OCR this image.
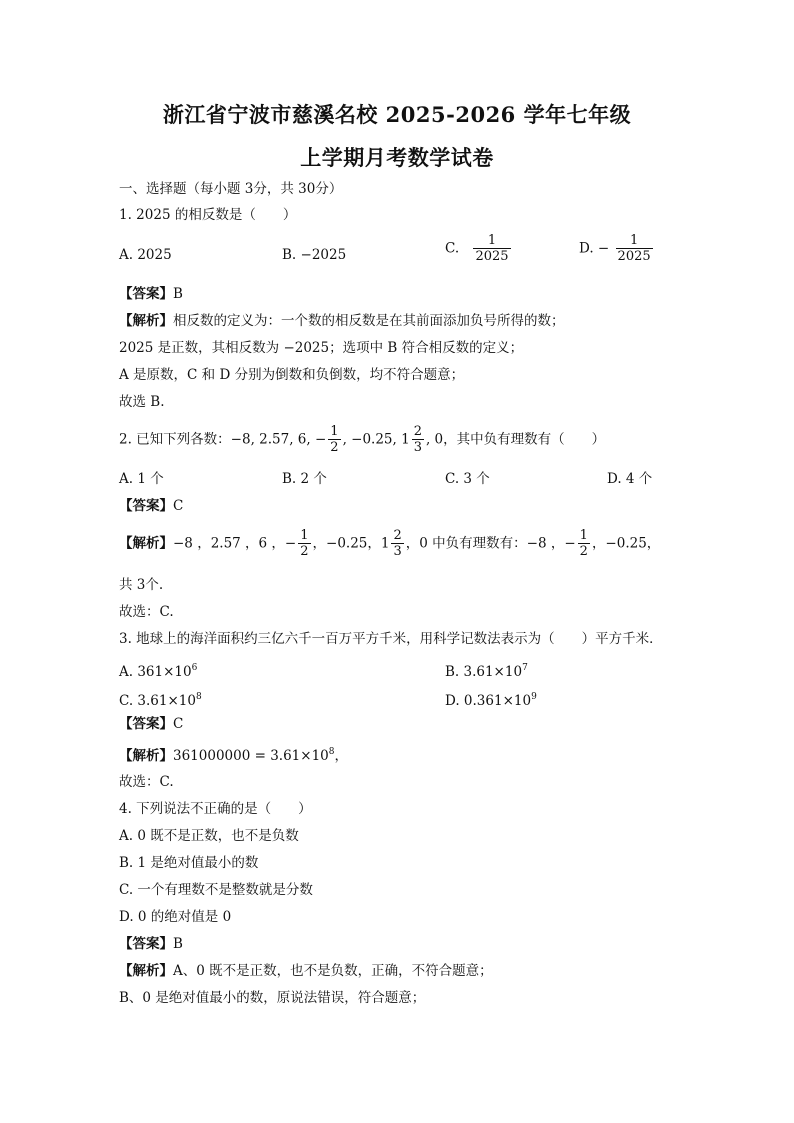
浙江省宁波市慈溪名校 2025-2026 学年七年级
上学期月考数学试卷
一、选择题（每小题 3分，共 30分）
1. 2025 的相反数是（　　）
A. 2025	B. −2025	C. $\frac{1}{2025}$	D. − $\frac{1}{2025}$
【答案】B
【解析】相反数的定义为：一个数的相反数是在其前面添加负号所得的数；
2025 是正数，其相反数为 −2025；选项中 B 符合相反数的定义；
A 是原数，C 和 D 分别为倒数和负倒数，均不符合题意；
故选 B.
2. 已知下列各数：−8, 2.57, 6, − $\frac{1}{2}$ , −0.25, $1 \frac{2}{3}$ , 0，其中负有理数有（　　）
A. 1 个	B. 2 个	C. 3 个	D. 4 个
【答案】C
【解析】−8 ，2.57 ，6 ，− $\frac{1}{2}$ ，−0.25，$1 \frac{2}{3}$ ，0 中负有理数有：−8 ，− $\frac{1}{2}$ ，−0.25，
共 3个.
故选：C.
3. 地球上的海洋面积约三亿六千一百万平方千米，用科学记数法表示为（　　）平方千米．
A. $361\times 10^6$	B. $3.61\times 10^7$
C. $3.61\times 10^8$	D. $0.361\times 10^9$
【答案】C
【解析】$361000000 = 3.61\times 10^8$，
故选：C.
4. 下列说法不正确的是（　　）
A. 0 既不是正数，也不是负数
B. 1 是绝对值最小的数
C. 一个有理数不是整数就是分数
D. 0 的绝对值是 0
【答案】B
【解析】A、0 既不是正数，也不是负数，正确，不符合题意；
B、0 是绝对值最小的数，原说法错误，符合题意；
